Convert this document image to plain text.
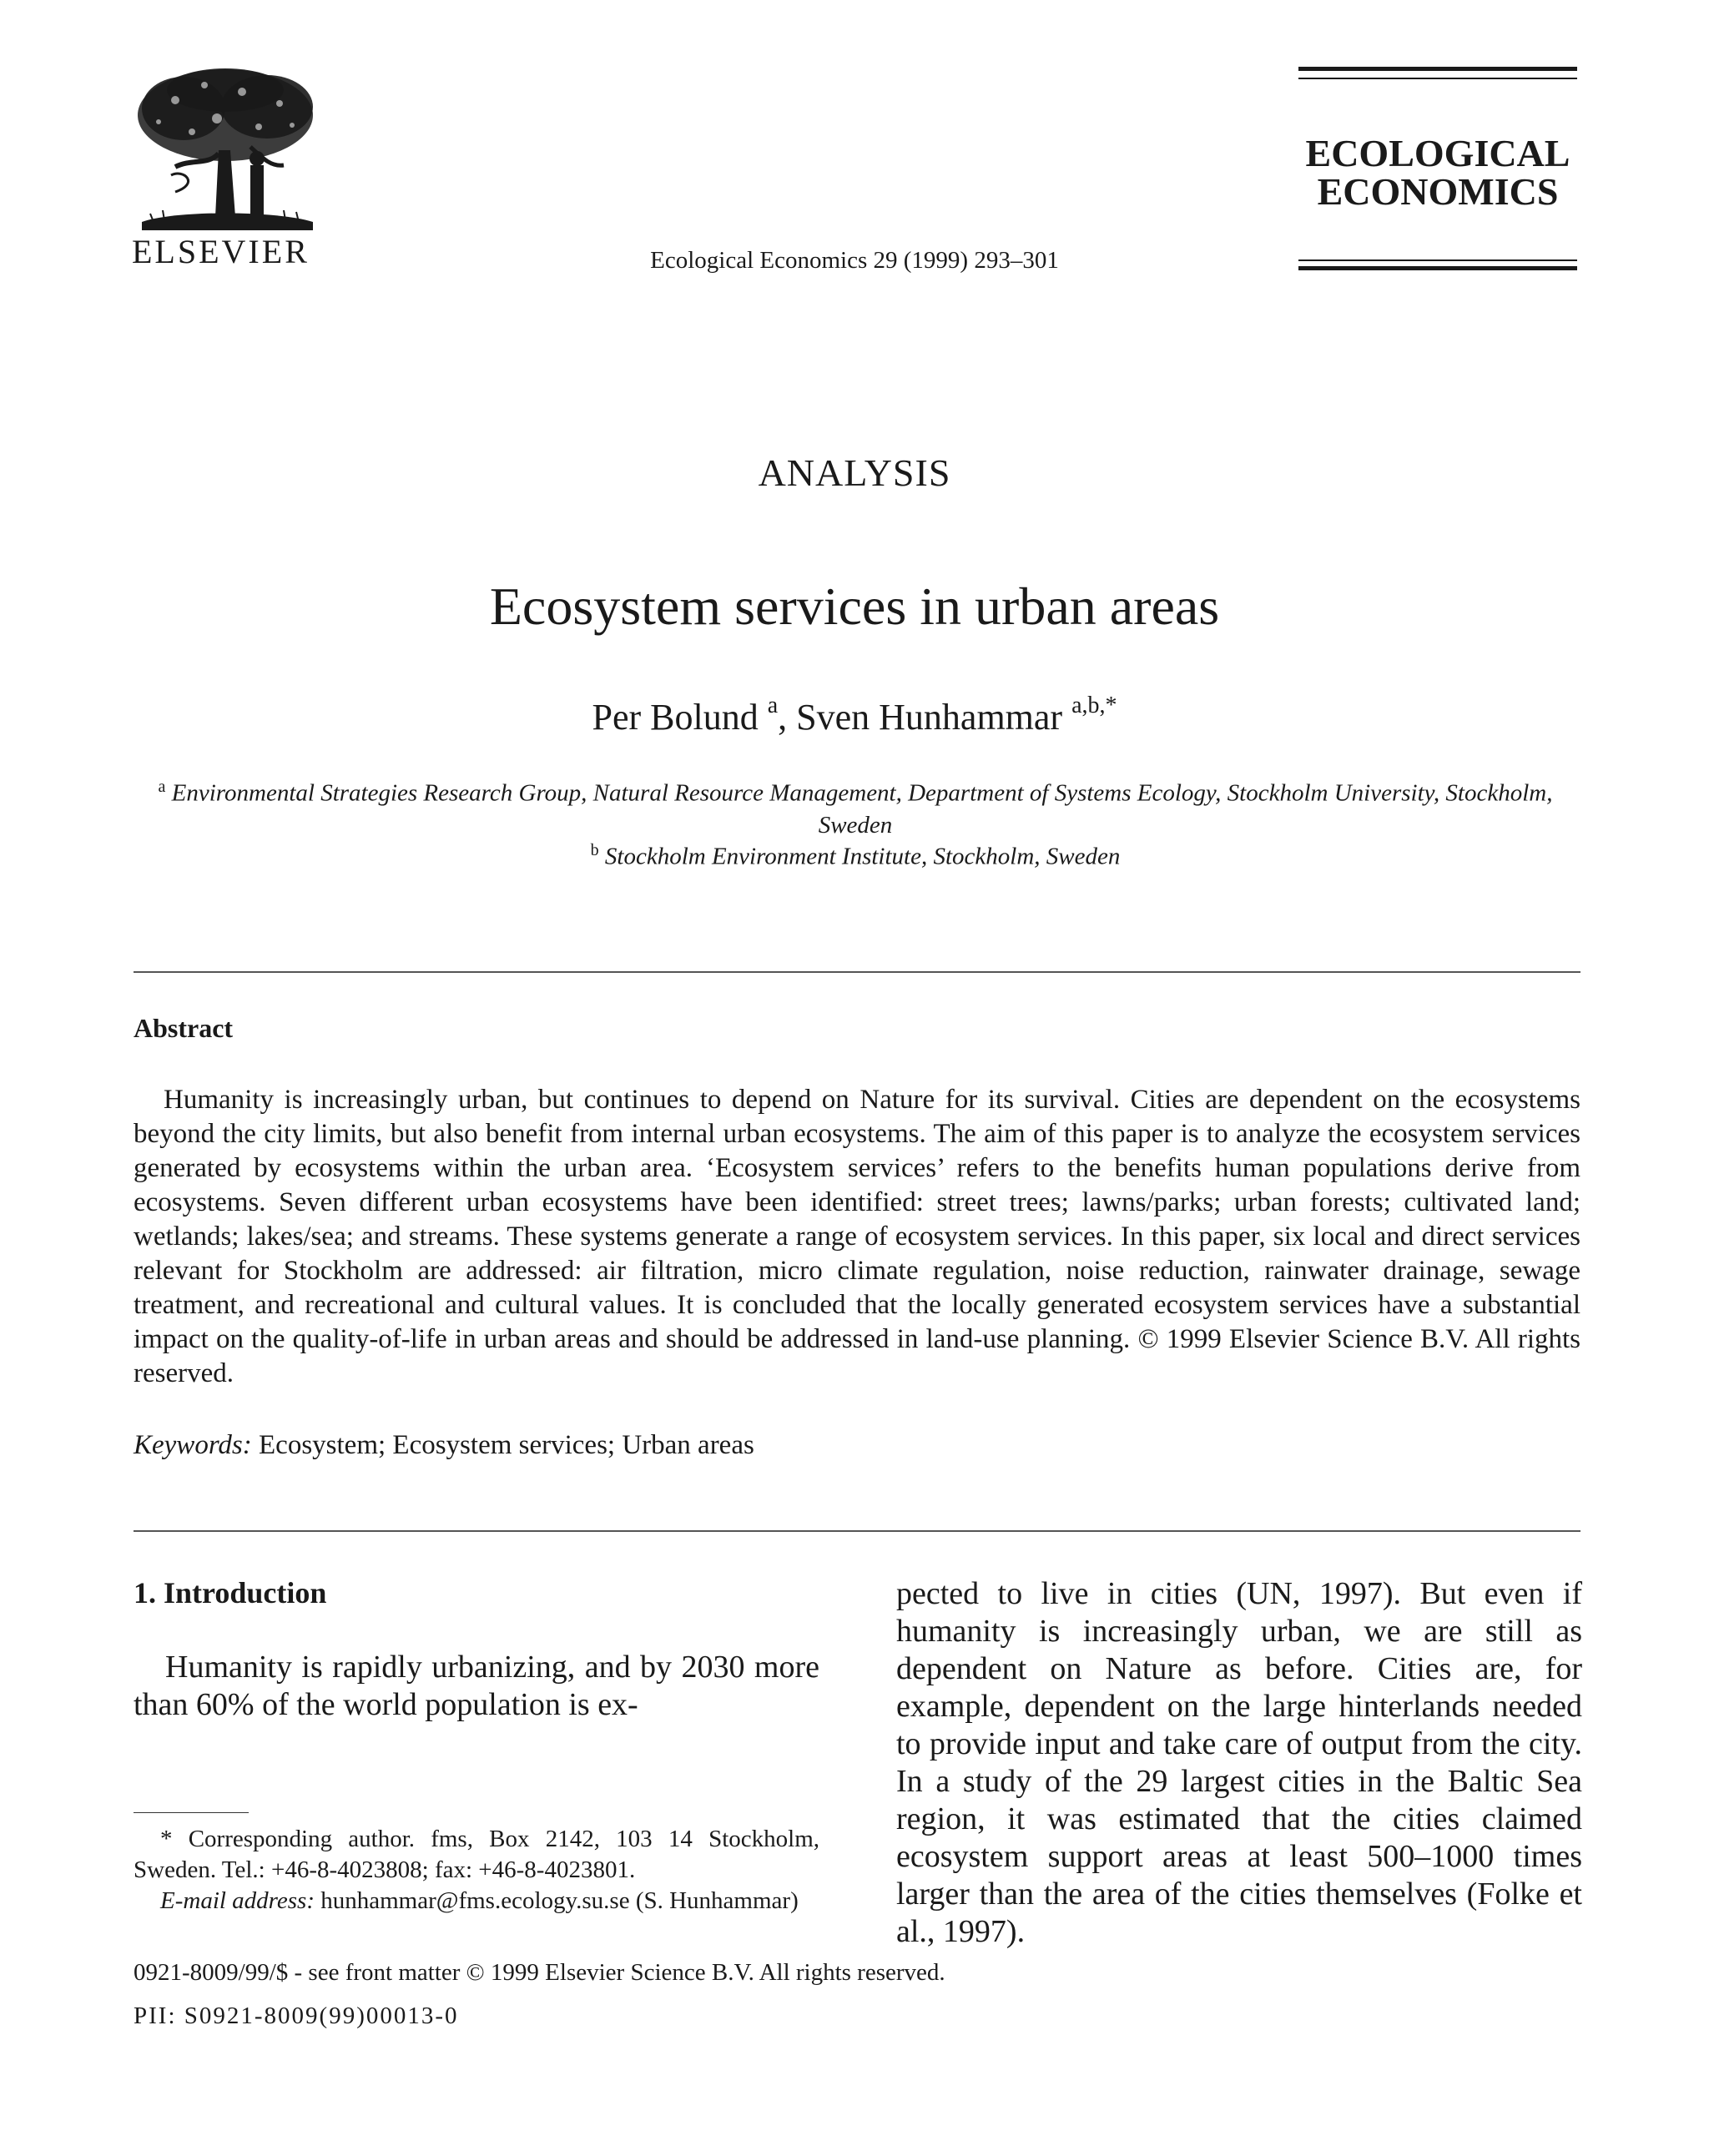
ELSEVIER	Ecological Economics 29 (1999) 293–301
ECOLOGICAL
ECONOMICS
ANALYSIS
Ecosystem services in urban areas
Per Bolund $^a$, Sven Hunhammar $^{a,b,*}$
$^a$ Environmental Strategies Research Group, Natural Resource Management, Department of Systems Ecology, Stockholm University, Stockholm, Sweden
$^b$ Stockholm Environment Institute, Stockholm, Sweden
Abstract
Humanity is increasingly urban, but continues to depend on Nature for its survival. Cities are dependent on the ecosystems beyond the city limits, but also benefit from internal urban ecosystems. The aim of this paper is to analyze the ecosystem services generated by ecosystems within the urban area. ‘Ecosystem services’ refers to the benefits human populations derive from ecosystems. Seven different urban ecosystems have been identified: street trees; lawns/parks; urban forests; cultivated land; wetlands; lakes/sea; and streams. These systems generate a range of ecosystem services. In this paper, six local and direct services relevant for Stockholm are addressed: air filtration, micro climate regulation, noise reduction, rainwater drainage, sewage treatment, and recreational and cultural values. It is concluded that the locally generated ecosystem services have a substantial impact on the quality-of-life in urban areas and should be addressed in land-use planning. © 1999 Elsevier Science B.V. All rights reserved.
Keywords: Ecosystem; Ecosystem services; Urban areas
1. Introduction
Humanity is rapidly urbanizing, and by 2030 more than 60% of the world population is ex-
pected to live in cities (UN, 1997). But even if humanity is increasingly urban, we are still as dependent on Nature as before. Cities are, for example, dependent on the large hinterlands needed to provide input and take care of output from the city. In a study of the 29 largest cities in the Baltic Sea region, it was estimated that the cities claimed ecosystem support areas at least 500–1000 times larger than the area of the cities themselves (Folke et al., 1997).
* Corresponding author. fms, Box 2142, 103 14 Stockholm, Sweden. Tel.: +46-8-4023808; fax: +46-8-4023801.
E-mail address: hunhammar@fms.ecology.su.se (S. Hunhammar)
0921-8009/99/$ - see front matter © 1999 Elsevier Science B.V. All rights reserved.
PII: S0921-8009(99)00013-0
